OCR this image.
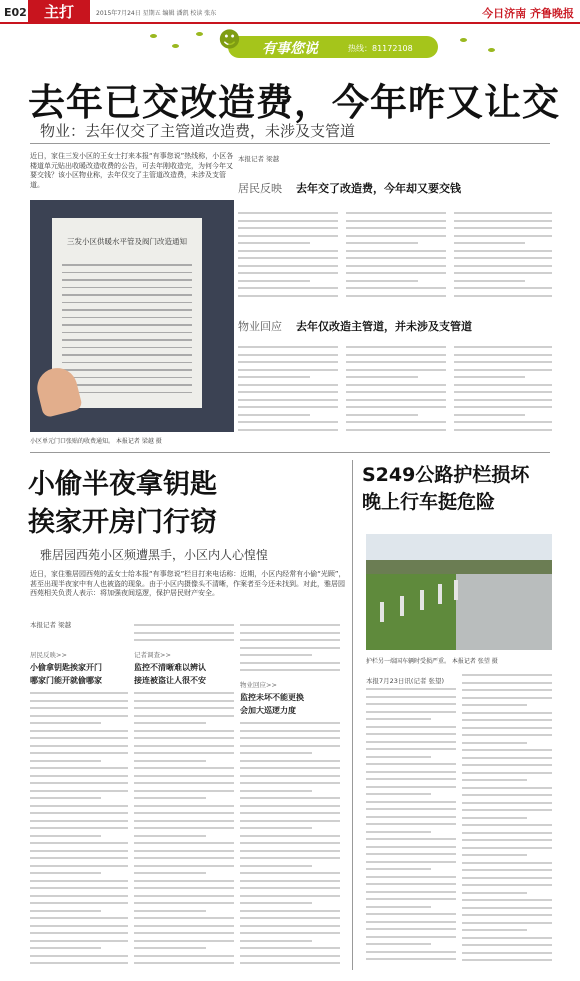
E02	主打	2015年7月24日 星期五 编辑 潘凯 校读 张东	今日济南 齐鲁晚报
☻ 有事您说	热线：81172108
去年已交改造费，今年咋又让交
物业：去年仅交了主管道改造费，未涉及支管道

近日，家住三发小区的王女士打来本报“有事您说”热线称，小区各楼道单元贴出收暖改造收费的公告，可去年刚收造完，为何今年又要交钱？该小区物业称，去年仅交了主管道改造费，未涉及支管道。

本报记者 梁越
居民反映 去年交了改造费，今年却又要交钱
物业回应 去年仅改造主管道，并未涉及支管道
三发小区供暖水平管及阀门改造通知
小区单元门口张贴的收费通知。 本报记者 梁越 摄
小偷半夜拿钥匙
挨家开房门行窃
雅居园西苑小区频遭黑手，小区内人心惶惶

近日，家住雅居园西苑的孟女士给本报“有事您说”栏目打来电话称：近期，小区内经常有小偷“光顾”，甚至出现半夜家中有人也被盗的现象。由于小区内摄像头不清晰，作案者至今还未找到。对此，雅居园西苑相关负责人表示：将加强夜间巡逻，保护居民财产安全。

本报记者 梁越
居民反映>>
小偷拿钥匙挨家开门
哪家门能开就偷哪家
记者调查>>
监控不清晰难以辨认
接连被盗让人很不安	物业回应>>
监控未坏不能更换
会加大巡逻力度
S249公路护栏损坏
晚上行车挺危险
护栏另一端国车辆时受损严重。 本报记者 张望 摄
本报7月23日讯(记者 张望)
